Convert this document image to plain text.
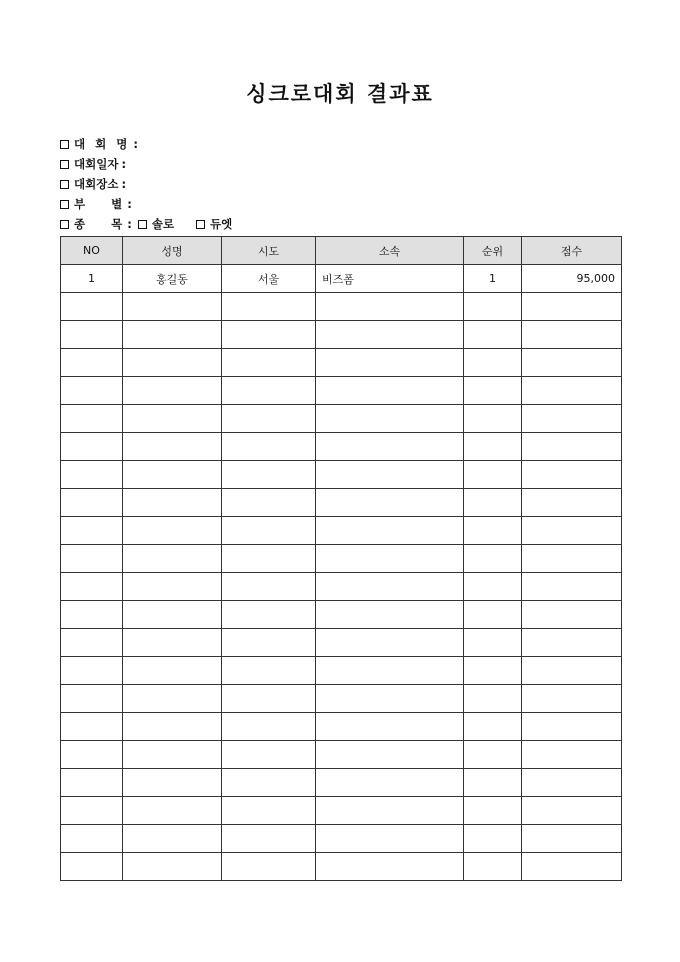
싱크로대회 결과표
대 회 명 :
대회일자 :
대회장소 :
부    별 :
종    목 : 솔로	듀엣
NO	성명	시도	소속	순위	점수
1	홍길동	서울	비즈폼	1	95,000
